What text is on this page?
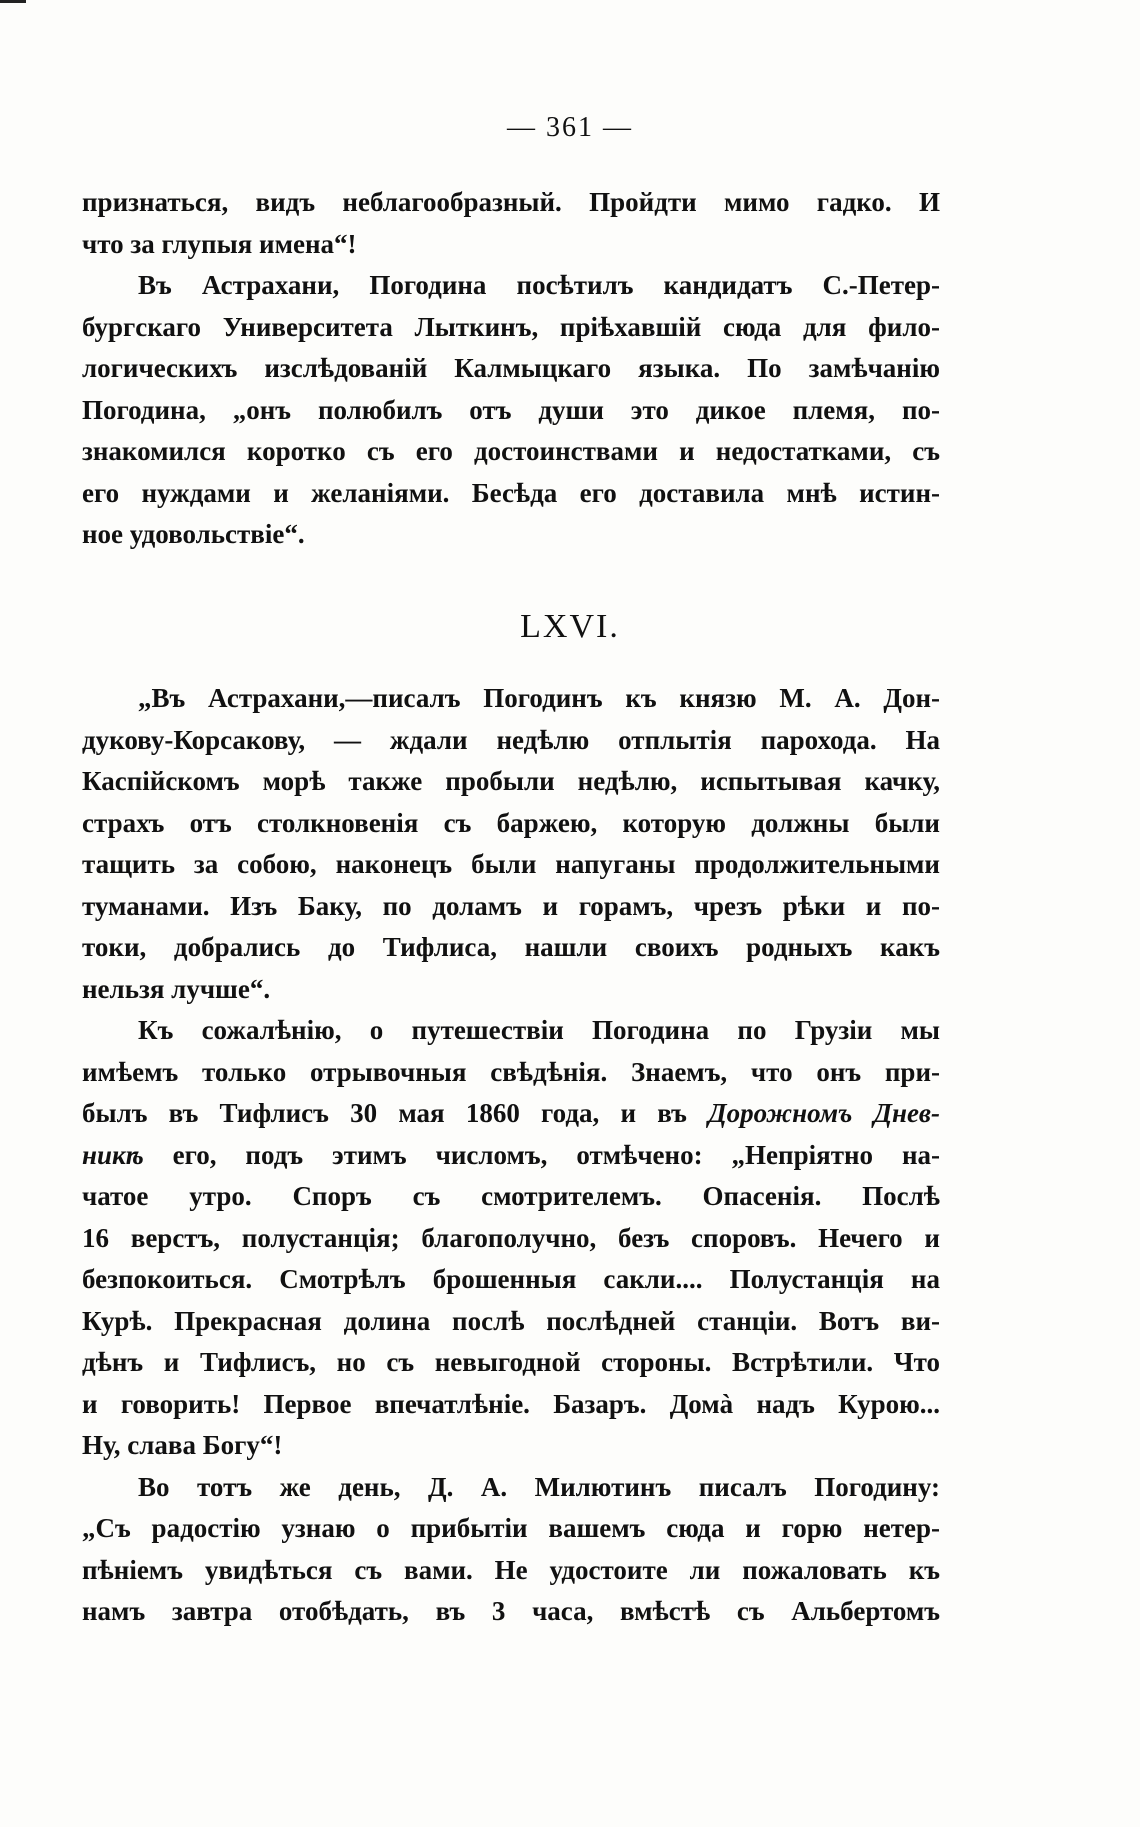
— 361 —
признаться, видъ неблагообразный. Пройдти мимо гадко. И
что за глупыя имена“!
Въ Астрахани, Погодина посѣтилъ кандидатъ С.-Петер-
бургскаго Университета Лыткинъ, пріѣхавшій сюда для фило-
логическихъ изслѣдованій Калмыцкаго языка. По замѣчанію
Погодина, „онъ полюбилъ отъ души это дикое племя, по-
знакомился коротко съ его достоинствами и недостатками, съ
его нуждами и желаніями. Бесѣда его доставила мнѣ истин-
ное удовольствіе“.
LXVI.
„Въ Астрахани,—писалъ Погодинъ къ князю М. А. Дон-
дукову-Корсакову, — ждали недѣлю отплытія парохода. На
Каспійскомъ морѣ также пробыли недѣлю, испытывая качку,
страхъ отъ столкновенія съ баржею, которую должны были
тащить за собою, наконецъ были напуганы продолжительными
туманами. Изъ Баку, по доламъ и горамъ, чрезъ рѣки и по-
токи, добрались до Тифлиса, нашли своихъ родныхъ какъ
нельзя лучше“.
Къ сожалѣнію, о путешествіи Погодина по Грузіи мы
имѣемъ только отрывочныя свѣдѣнія. Знаемъ, что онъ при-
былъ въ Тифлисъ 30 мая 1860 года, и въ Дорожномъ Днев-
никѣ его, подъ этимъ числомъ, отмѣчено: „Непріятно на-
чатое утро. Споръ съ смотрителемъ. Опасенія. Послѣ
16 верстъ, полустанція; благополучно, безъ споровъ. Нечего и
безпокоиться. Смотрѣлъ брошенныя сакли.... Полустанція на
Курѣ. Прекрасная долина послѣ послѣдней станціи. Вотъ ви-
дѣнъ и Тифлисъ, но съ невыгодной стороны. Встрѣтили. Что
и говорить! Первое впечатлѣніе. Базаръ. Домà надъ Курою...
Ну, слава Богу“!
Во тотъ же день, Д. А. Милютинъ писалъ Погодину:
„Съ радостію узнаю о прибытіи вашемъ сюда и горю нетер-
пѣніемъ увидѣться съ вами. Не удостоите ли пожаловать къ
намъ завтра отобѣдать, въ 3 часа, вмѣстѣ съ Альбертомъ
